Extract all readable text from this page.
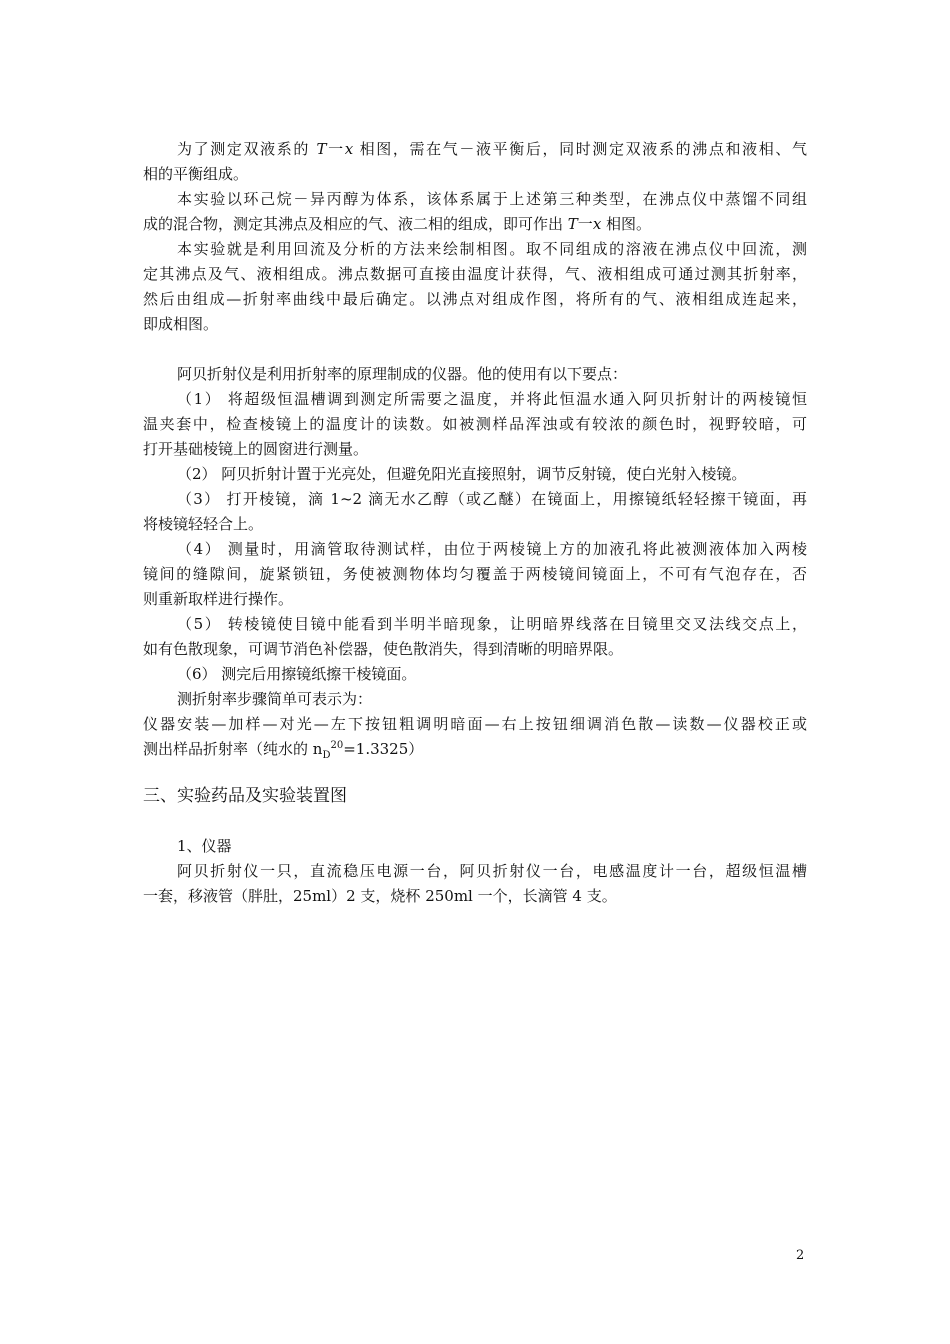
为了测定双液系的 T一x 相图，需在气－液平衡后，同时测定双液系的沸点和液相、气

相的平衡组成。

本实验以环己烷－异丙醇为体系，该体系属于上述第三种类型，在沸点仪中蒸馏不同组

成的混合物，测定其沸点及相应的气、液二相的组成，即可作出 T一x 相图。

本实验就是利用回流及分析的方法来绘制相图。取不同组成的溶液在沸点仪中回流，测

定其沸点及气、液相组成。沸点数据可直接由温度计获得，气、液相组成可通过测其折射率，

然后由组成—折射率曲线中最后确定。以沸点对组成作图，将所有的气、液相组成连起来，

即成相图。

阿贝折射仪是利用折射率的原理制成的仪器。他的使用有以下要点：

（1） 将超级恒温槽调到测定所需要之温度，并将此恒温水通入阿贝折射计的两棱镜恒

温夹套中，检查棱镜上的温度计的读数。如被测样品浑浊或有较浓的颜色时，视野较暗，可

打开基础棱镜上的圆窗进行测量。

（2） 阿贝折射计置于光亮处，但避免阳光直接照射，调节反射镜，使白光射入棱镜。

（3） 打开棱镜，滴 1~2 滴无水乙醇（或乙醚）在镜面上，用擦镜纸轻轻擦干镜面，再

将棱镜轻轻合上。

（4） 测量时，用滴管取待测试样，由位于两棱镜上方的加液孔将此被测液体加入两棱

镜间的缝隙间，旋紧锁钮，务使被测物体均匀覆盖于两棱镜间镜面上，不可有气泡存在，否

则重新取样进行操作。

（5） 转棱镜使目镜中能看到半明半暗现象，让明暗界线落在目镜里交叉法线交点上，

如有色散现象，可调节消色补偿器，使色散消失，得到清晰的明暗界限。

（6） 测完后用擦镜纸擦干棱镜面。

测折射率步骤简单可表示为：

仪器安装—加样—对光—左下按钮粗调明暗面—右上按钮细调消色散—读数—仪器校正或

测出样品折射率（纯水的 $n_D^{20}=1.3325$）

三、实验药品及实验装置图

1、仪器

阿贝折射仪一只，直流稳压电源一台，阿贝折射仪一台，电感温度计一台，超级恒温槽

一套，移液管（胖肚，25ml）2 支，烧杯 250ml 一个，长滴管 4 支。

2
